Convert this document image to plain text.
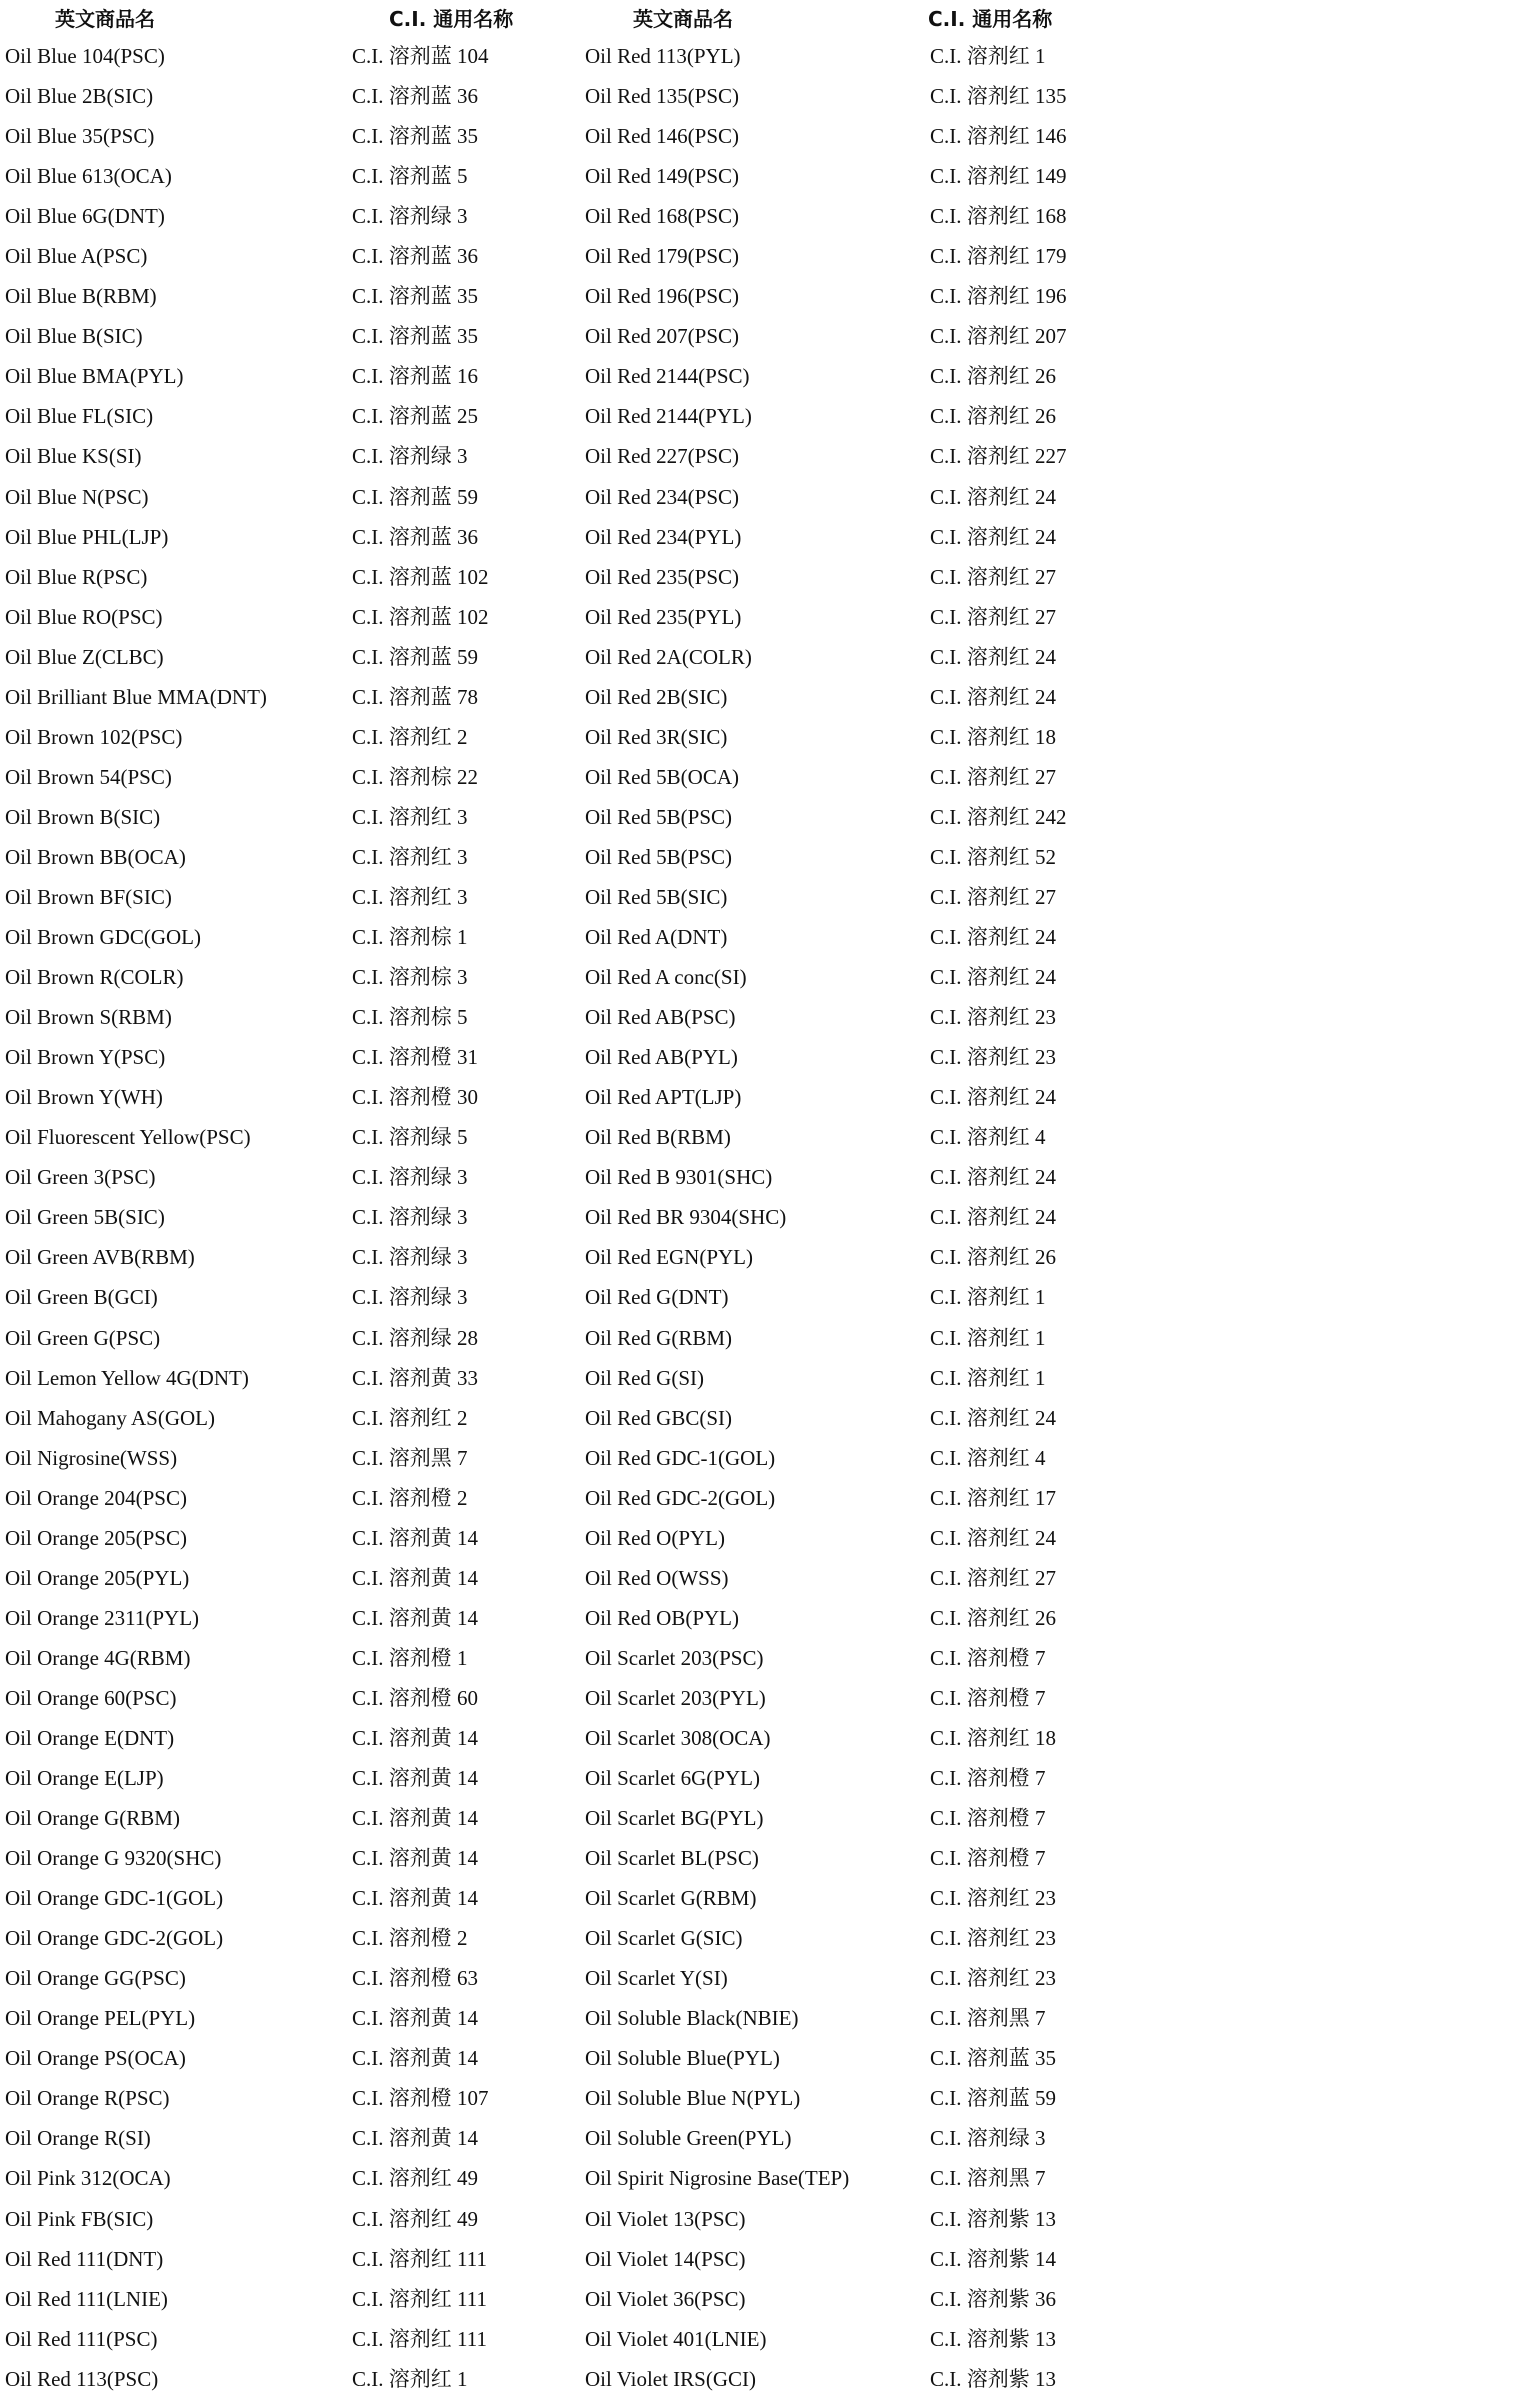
英文商品名	C.I. 通用名称	英文商品名	C.I. 通用名称
Oil Blue 104(PSC)	C.I. 溶剂蓝 104	Oil Red 113(PYL)	C.I. 溶剂红 1
Oil Blue 2B(SIC)	C.I. 溶剂蓝 36	Oil Red 135(PSC)	C.I. 溶剂红 135
Oil Blue 35(PSC)	C.I. 溶剂蓝 35	Oil Red 146(PSC)	C.I. 溶剂红 146
Oil Blue 613(OCA)	C.I. 溶剂蓝 5	Oil Red 149(PSC)	C.I. 溶剂红 149
Oil Blue 6G(DNT)	C.I. 溶剂绿 3	Oil Red 168(PSC)	C.I. 溶剂红 168
Oil Blue A(PSC)	C.I. 溶剂蓝 36	Oil Red 179(PSC)	C.I. 溶剂红 179
Oil Blue B(RBM)	C.I. 溶剂蓝 35	Oil Red 196(PSC)	C.I. 溶剂红 196
Oil Blue B(SIC)	C.I. 溶剂蓝 35	Oil Red 207(PSC)	C.I. 溶剂红 207
Oil Blue BMA(PYL)	C.I. 溶剂蓝 16	Oil Red 2144(PSC)	C.I. 溶剂红 26
Oil Blue FL(SIC)	C.I. 溶剂蓝 25	Oil Red 2144(PYL)	C.I. 溶剂红 26
Oil Blue KS(SI)	C.I. 溶剂绿 3	Oil Red 227(PSC)	C.I. 溶剂红 227
Oil Blue N(PSC)	C.I. 溶剂蓝 59	Oil Red 234(PSC)	C.I. 溶剂红 24
Oil Blue PHL(LJP)	C.I. 溶剂蓝 36	Oil Red 234(PYL)	C.I. 溶剂红 24
Oil Blue R(PSC)	C.I. 溶剂蓝 102	Oil Red 235(PSC)	C.I. 溶剂红 27
Oil Blue RO(PSC)	C.I. 溶剂蓝 102	Oil Red 235(PYL)	C.I. 溶剂红 27
Oil Blue Z(CLBC)	C.I. 溶剂蓝 59	Oil Red 2A(COLR)	C.I. 溶剂红 24
Oil Brilliant Blue MMA(DNT)	C.I. 溶剂蓝 78	Oil Red 2B(SIC)	C.I. 溶剂红 24
Oil Brown 102(PSC)	C.I. 溶剂红 2	Oil Red 3R(SIC)	C.I. 溶剂红 18
Oil Brown 54(PSC)	C.I. 溶剂棕 22	Oil Red 5B(OCA)	C.I. 溶剂红 27
Oil Brown B(SIC)	C.I. 溶剂红 3	Oil Red 5B(PSC)	C.I. 溶剂红 242
Oil Brown BB(OCA)	C.I. 溶剂红 3	Oil Red 5B(PSC)	C.I. 溶剂红 52
Oil Brown BF(SIC)	C.I. 溶剂红 3	Oil Red 5B(SIC)	C.I. 溶剂红 27
Oil Brown GDC(GOL)	C.I. 溶剂棕 1	Oil Red A(DNT)	C.I. 溶剂红 24
Oil Brown R(COLR)	C.I. 溶剂棕 3	Oil Red A conc(SI)	C.I. 溶剂红 24
Oil Brown S(RBM)	C.I. 溶剂棕 5	Oil Red AB(PSC)	C.I. 溶剂红 23
Oil Brown Y(PSC)	C.I. 溶剂橙 31	Oil Red AB(PYL)	C.I. 溶剂红 23
Oil Brown Y(WH)	C.I. 溶剂橙 30	Oil Red APT(LJP)	C.I. 溶剂红 24
Oil Fluorescent Yellow(PSC)	C.I. 溶剂绿 5	Oil Red B(RBM)	C.I. 溶剂红 4
Oil Green 3(PSC)	C.I. 溶剂绿 3	Oil Red B 9301(SHC)	C.I. 溶剂红 24
Oil Green 5B(SIC)	C.I. 溶剂绿 3	Oil Red BR 9304(SHC)	C.I. 溶剂红 24
Oil Green AVB(RBM)	C.I. 溶剂绿 3	Oil Red EGN(PYL)	C.I. 溶剂红 26
Oil Green B(GCI)	C.I. 溶剂绿 3	Oil Red G(DNT)	C.I. 溶剂红 1
Oil Green G(PSC)	C.I. 溶剂绿 28	Oil Red G(RBM)	C.I. 溶剂红 1
Oil Lemon Yellow 4G(DNT)	C.I. 溶剂黄 33	Oil Red G(SI)	C.I. 溶剂红 1
Oil Mahogany AS(GOL)	C.I. 溶剂红 2	Oil Red GBC(SI)	C.I. 溶剂红 24
Oil Nigrosine(WSS)	C.I. 溶剂黑 7	Oil Red GDC-1(GOL)	C.I. 溶剂红 4
Oil Orange 204(PSC)	C.I. 溶剂橙 2	Oil Red GDC-2(GOL)	C.I. 溶剂红 17
Oil Orange 205(PSC)	C.I. 溶剂黄 14	Oil Red O(PYL)	C.I. 溶剂红 24
Oil Orange 205(PYL)	C.I. 溶剂黄 14	Oil Red O(WSS)	C.I. 溶剂红 27
Oil Orange 2311(PYL)	C.I. 溶剂黄 14	Oil Red OB(PYL)	C.I. 溶剂红 26
Oil Orange 4G(RBM)	C.I. 溶剂橙 1	Oil Scarlet 203(PSC)	C.I. 溶剂橙 7
Oil Orange 60(PSC)	C.I. 溶剂橙 60	Oil Scarlet 203(PYL)	C.I. 溶剂橙 7
Oil Orange E(DNT)	C.I. 溶剂黄 14	Oil Scarlet 308(OCA)	C.I. 溶剂红 18
Oil Orange E(LJP)	C.I. 溶剂黄 14	Oil Scarlet 6G(PYL)	C.I. 溶剂橙 7
Oil Orange G(RBM)	C.I. 溶剂黄 14	Oil Scarlet BG(PYL)	C.I. 溶剂橙 7
Oil Orange G 9320(SHC)	C.I. 溶剂黄 14	Oil Scarlet BL(PSC)	C.I. 溶剂橙 7
Oil Orange GDC-1(GOL)	C.I. 溶剂黄 14	Oil Scarlet G(RBM)	C.I. 溶剂红 23
Oil Orange GDC-2(GOL)	C.I. 溶剂橙 2	Oil Scarlet G(SIC)	C.I. 溶剂红 23
Oil Orange GG(PSC)	C.I. 溶剂橙 63	Oil Scarlet Y(SI)	C.I. 溶剂红 23
Oil Orange PEL(PYL)	C.I. 溶剂黄 14	Oil Soluble Black(NBIE)	C.I. 溶剂黑 7
Oil Orange PS(OCA)	C.I. 溶剂黄 14	Oil Soluble Blue(PYL)	C.I. 溶剂蓝 35
Oil Orange R(PSC)	C.I. 溶剂橙 107	Oil Soluble Blue N(PYL)	C.I. 溶剂蓝 59
Oil Orange R(SI)	C.I. 溶剂黄 14	Oil Soluble Green(PYL)	C.I. 溶剂绿 3
Oil Pink 312(OCA)	C.I. 溶剂红 49	Oil Spirit Nigrosine Base(TEP)	C.I. 溶剂黑 7
Oil Pink FB(SIC)	C.I. 溶剂红 49	Oil Violet 13(PSC)	C.I. 溶剂紫 13
Oil Red 111(DNT)	C.I. 溶剂红 111	Oil Violet 14(PSC)	C.I. 溶剂紫 14
Oil Red 111(LNIE)	C.I. 溶剂红 111	Oil Violet 36(PSC)	C.I. 溶剂紫 36
Oil Red 111(PSC)	C.I. 溶剂红 111	Oil Violet 401(LNIE)	C.I. 溶剂紫 13
Oil Red 113(PSC)	C.I. 溶剂红 1	Oil Violet IRS(GCI)	C.I. 溶剂紫 13
